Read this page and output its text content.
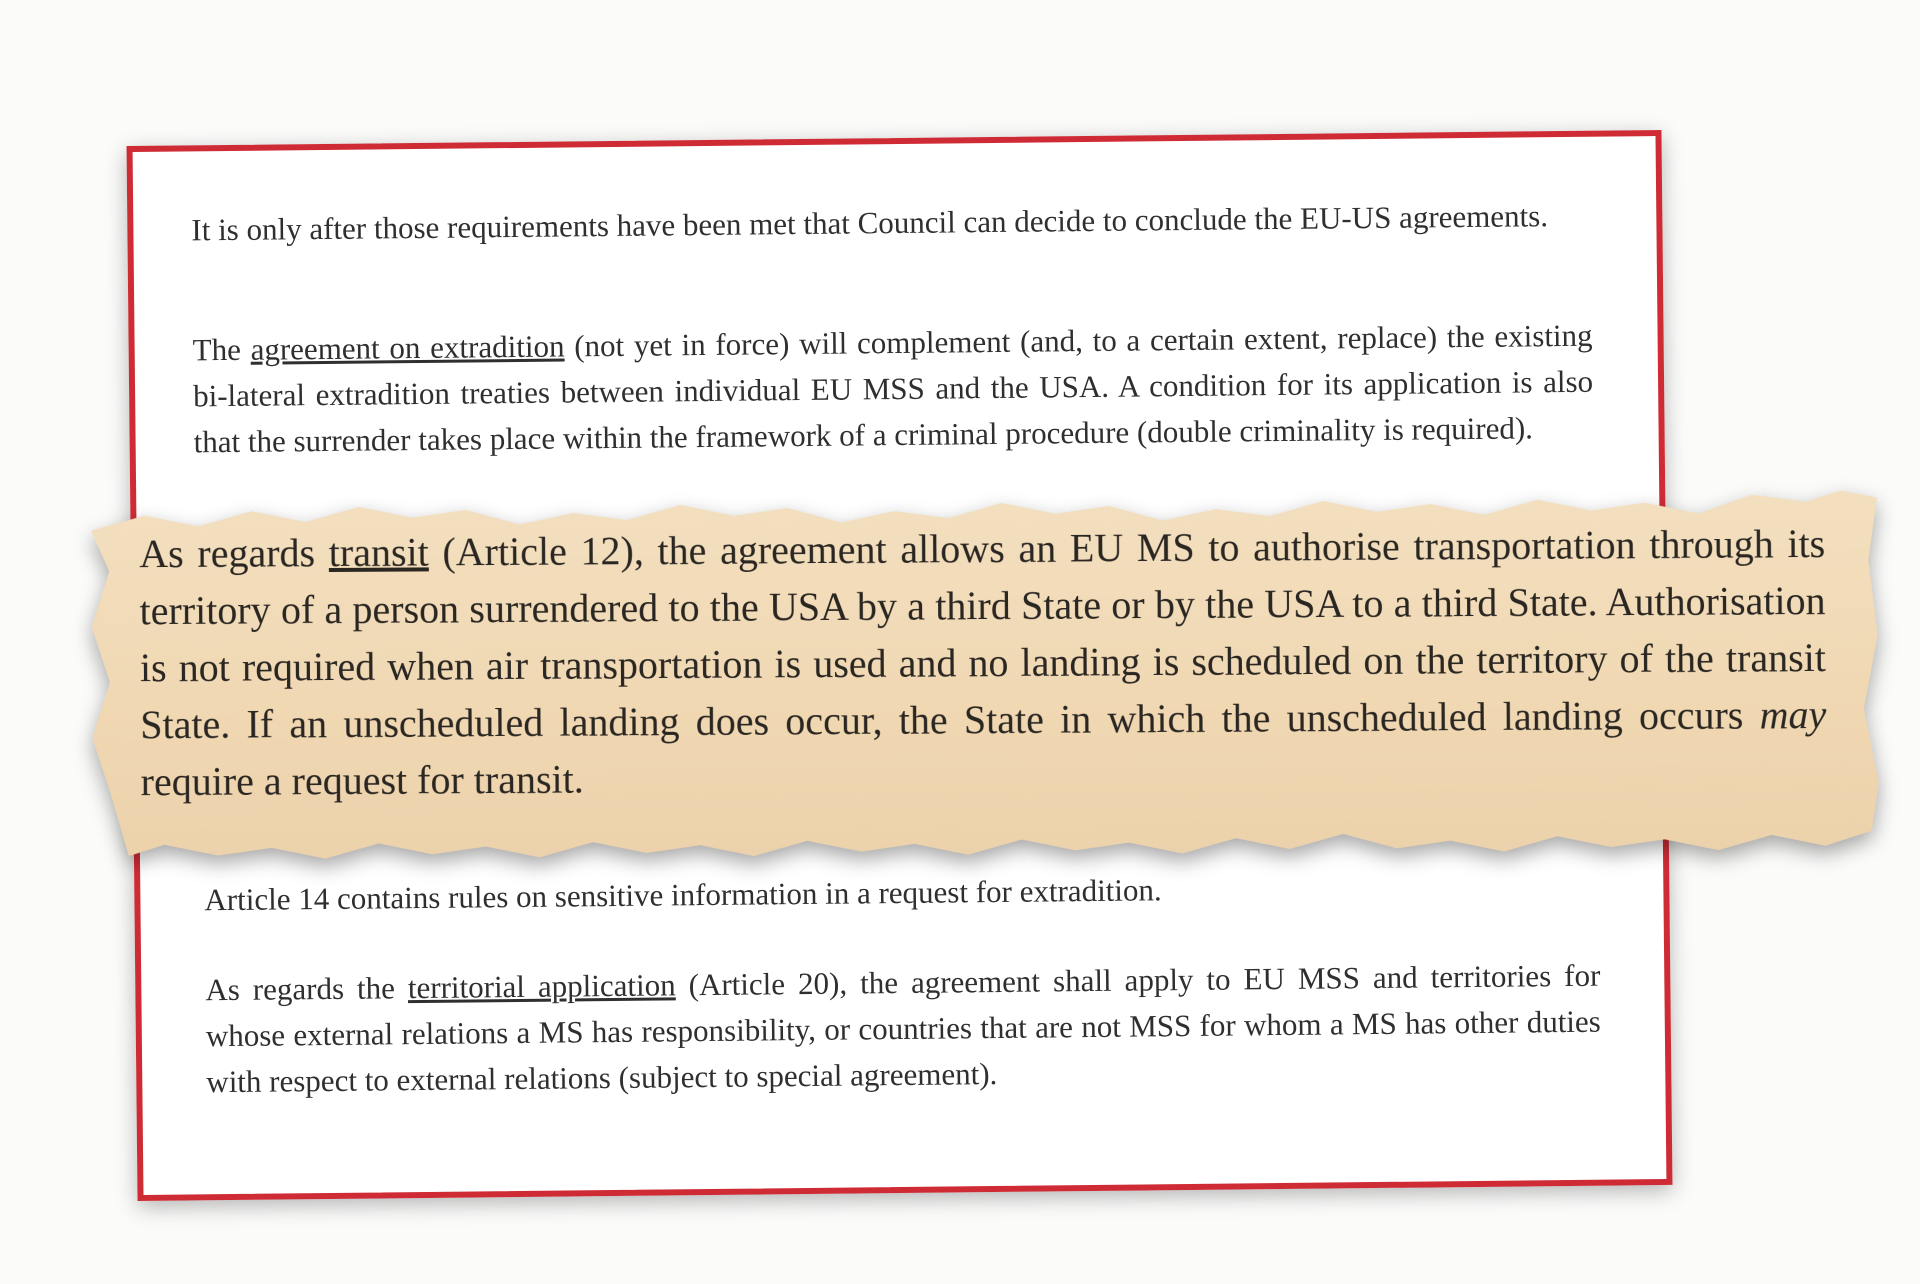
It is only after those requirements have been met that Council can decide to conclude the EU-US agreements.

The agreement on extradition (not yet in force) will complement (and, to a certain extent, replace) the existing bi-lateral extradition treaties between individual EU MSS and the USA. A condition for its application is also that the surrender takes place within the framework of a criminal procedure (double criminality is required).

Article 14 contains rules on sensitive information in a request for extradition.

As regards the territorial application (Article 20), the agreement shall apply to EU MSS and territories for whose external relations a MS has responsibility, or countries that are not MSS for whom a MS has other duties with respect to external relations (subject to special agreement).

As regards transit (Article 12), the agreement allows an EU MS to authorise transportation through its territory of a person surrendered to the USA by a third State or by the USA to a third State. Authorisation is not required when air transportation is used and no landing is scheduled on the territory of the transit State. If an unscheduled landing does occur, the State in which the unscheduled landing occurs may require a request for transit.
